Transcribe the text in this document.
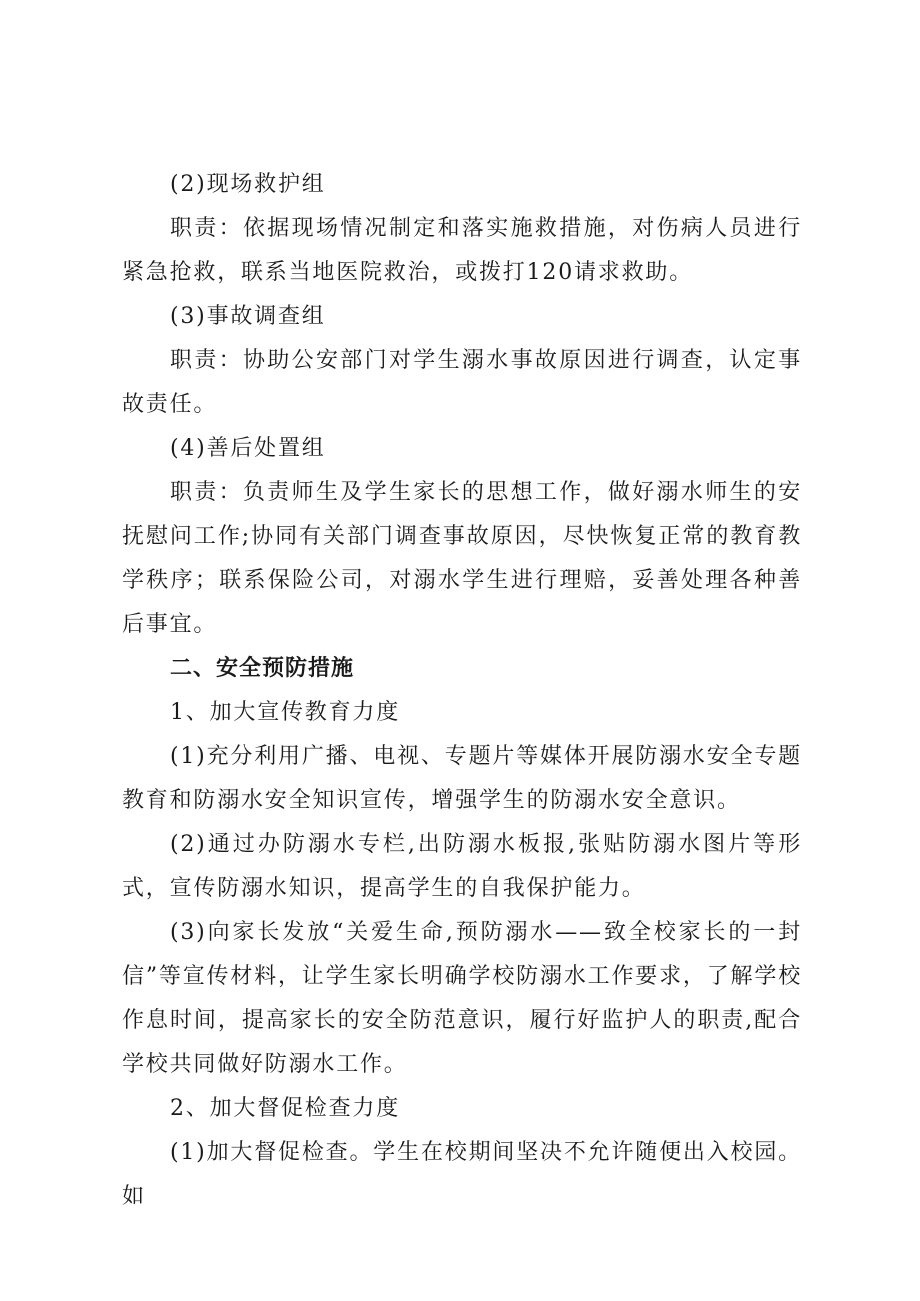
(2)现场救护组

职责：依据现场情况制定和落实施救措施，对伤病人员进行紧急抢救，联系当地医院救治，或拨打120请求救助。

(3)事故调查组

职责：协助公安部门对学生溺水事故原因进行调查，认定事故责任。

(4)善后处置组

职责：负责师生及学生家长的思想工作，做好溺水师生的安抚慰问工作;协同有关部门调查事故原因，尽快恢复正常的教育教学秩序；联系保险公司，对溺水学生进行理赔，妥善处理各种善后事宜。

二、安全预防措施

1、加大宣传教育力度

(1)充分利用广播、电视、专题片等媒体开展防溺水安全专题教育和防溺水安全知识宣传，增强学生的防溺水安全意识。

(2)通过办防溺水专栏,出防溺水板报,张贴防溺水图片等形式，宣传防溺水知识，提高学生的自我保护能力。

(3)向家长发放“关爱生命,预防溺水——致全校家长的一封信”等宣传材料，让学生家长明确学校防溺水工作要求，了解学校作息时间，提高家长的安全防范意识，履行好监护人的职责,配合学校共同做好防溺水工作。

2、加大督促检查力度

(1)加大督促检查。学生在校期间坚决不允许随便出入校园。如
